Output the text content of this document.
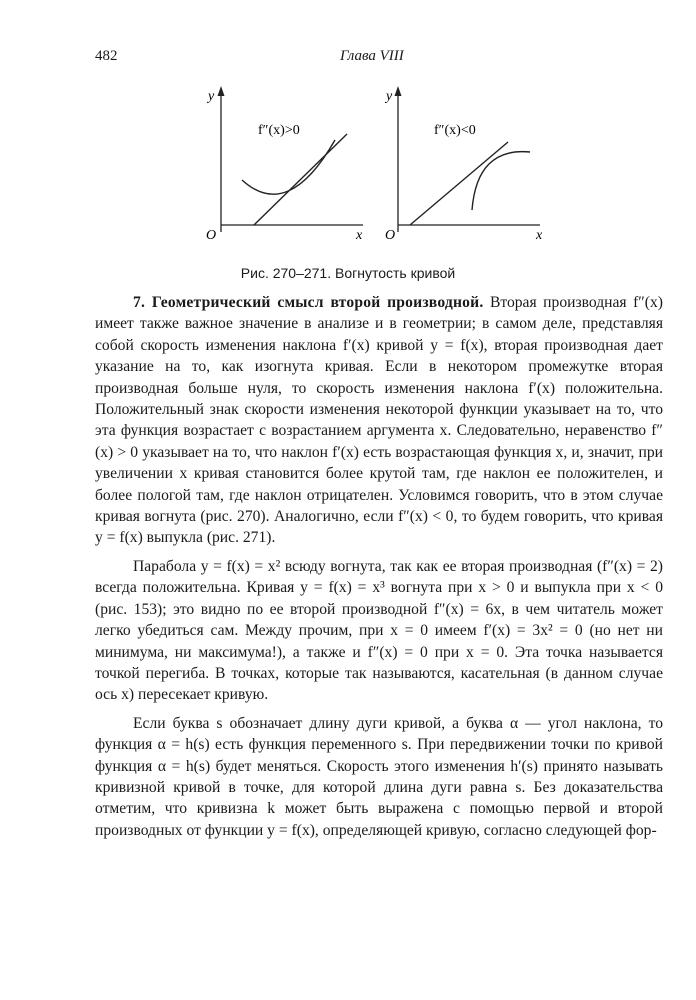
482	Глава VIII
y
O	x
f″(x)>0
y
O	x
f″(x)<0
Рис. 270–271. Вогнутость кривой

7. Геометрический смысл второй производной. Вторая производная f″(x) имеет также важное значение в анализе и в геометрии; в самом деле, представляя собой скорость изменения наклона f′(x) кривой y = f(x), вторая производная дает указание на то, как изогнута кривая. Если в некотором промежутке вторая производная больше нуля, то скорость изменения наклона f′(x) положительна. Положительный знак скорости изменения некоторой функции указывает на то, что эта функция возрастает с возрастанием аргумента x. Следовательно, неравенство f″(x) > 0 указывает на то, что наклон f′(x) есть возрастающая функция x, и, значит, при увеличении x кривая становится более крутой там, где наклон ее положителен, и более пологой там, где наклон отрицателен. Условимся говорить, что в этом случае кривая вогнута (рис. 270). Аналогично, если f″(x) < 0, то будем говорить, что кривая y = f(x) выпукла (рис. 271).

Парабола y = f(x) = x² всюду вогнута, так как ее вторая производная (f″(x) = 2) всегда положительна. Кривая y = f(x) = x³ вогнута при x > 0 и выпукла при x < 0 (рис. 153); это видно по ее второй производной f″(x) = 6x, в чем читатель может легко убедиться сам. Между прочим, при x = 0 имеем f′(x) = 3x² = 0 (но нет ни минимума, ни максимума!), а также и f″(x) = 0 при x = 0. Эта точка называется точкой перегиба. В точках, которые так называются, касательная (в данном случае ось x) пересекает кривую.

Если буква s обозначает длину дуги кривой, а буква α — угол наклона, то функция α = h(s) есть функция переменного s. При передвижении точки по кривой функция α = h(s) будет меняться. Скорость этого изменения h′(s) принято называть кривизной кривой в точке, для которой длина дуги равна s. Без доказательства отметим, что кривизна k может быть выражена с помощью первой и второй производных от функции y = f(x), определяющей кривую, согласно следующей фор-
